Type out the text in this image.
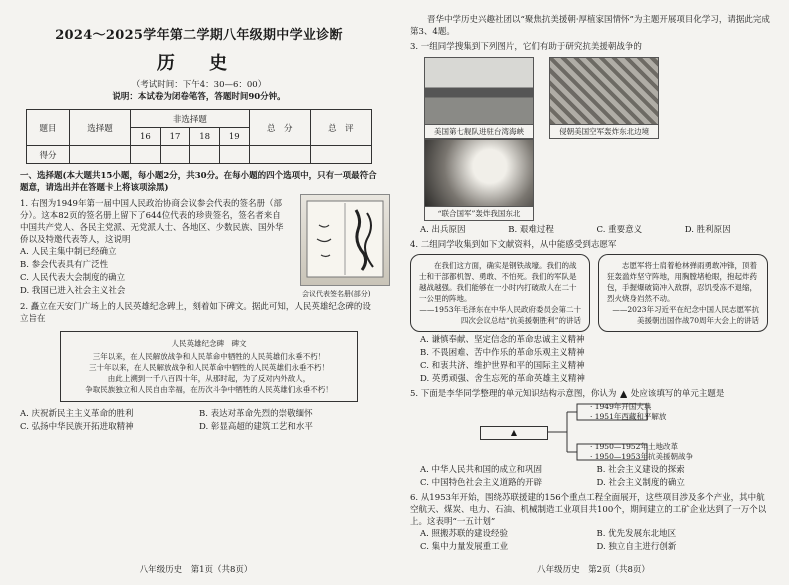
2024～2025学年第二学期八年级期中学业诊断
历 史
（考试时间：下午4：30—6：00）
说明：本试卷为闭卷笔答，答题时间90分钟。
题目	选择题	非选择题				总　分	总　评
		16	17	18	19		
得分							
一、选择题(本大题共15小题，每小题2分，共30分。在每小题的四个选项中，只有一项最符合题意，请选出并在答题卡上将该项涂黑)
1. 右图为1949年第一届中国人民政治协商会议参会代表的签名册（部分）。这本82页的签名册上留下了644位代表的珍贵签名，签名者来自中国共产党人、各民主党派、无党派人士、各地区、少数民族、国外华侨以及特邀代表等人，这说明
会议代表签名册(部分)
A. 人民主集中制已经确立
B. 参会代表具有广泛性
C. 人民代表大会制度的确立
D. 我国已进入社会主义社会
2. 矗立在天安门广场上的人民英雄纪念碑上，刻着如下碑文。据此可知，人民英雄纪念碑的设立旨在
人民英雄纪念碑　碑文
三年以来，在人民解放战争和人民革命中牺牲的人民英雄们永垂不朽！
三十年以来，在人民解放战争和人民革命中牺牲的人民英雄们永垂不朽！
由此上溯到一千八百四十年，从那时起，为了反对内外敌人，
争取民族独立和人民自由幸福，在历次斗争中牺牲的人民英雄们永垂不朽！
A. 庆祝新民主主义革命的胜利	B. 表达对革命先烈的崇敬缅怀
C. 弘扬中华民族开拓进取精神	D. 彰显高超的建筑工艺和水平
八年级历史　第1页（共8页）
晋华中学历史兴趣社团以“聚焦抗美援朝·厚植家国情怀”为主题开展项目化学习，请据此完成第3、4题。
3. 一组同学搜集到下列图片，它们有助于研究抗美援朝战争的
美国第七舰队进驻台湾海峡
	侵朝美国空军轰炸东北边境

“联合国军”轰炸我国东北
A. 出兵原因	B. 艰难过程	C. 重要意义	D. 胜利原因
4. 二组同学收集到如下文献资料，从中能感受到志愿军
在我们这方面，确实是钢铁战壕。我们的战士和干部都机智、勇敢、不怕死。我们的军队是越战越强。我们能够在一小时内打破敌人在二十一公里的阵地。
——1953年毛泽东在中华人民政府委员会第二十四次会议总结“抗美援朝胜利”的讲话
志愿军将士肩着枪林弹雨勇敢冲锋，顶着狂轰滥炸坚守阵地，用胸膛堵枪眼，抱起炸药包，手握爆破筒冲入敌群，忍饥受冻不退缩，烈火烧身岿然不动。
——2023年习近平在纪念中国人民志愿军抗美援朝出国作战70周年大会上的讲话
A. 谦慎奉献、坚定信念的革命忠诚主义精神
B. 不畏困难、苦中作乐的革命乐观主义精神
C. 和衷共济、维护世界和平的国际主义精神
D. 英勇顽强、舍生忘死的革命英雄主义精神
5. 下面是李华同学整理的单元知识结构示意图，你认为 ▲ 处应该填写的单元主题是
▲
· 1949年开国大典
· 1951年西藏和平解放
· 1950—1952年土地改革
· 1950—1953年抗美援朝战争
A. 中华人民共和国的成立和巩固	B. 社会主义建设的探索
C. 中国特色社会主义道路的开辟	D. 社会主义制度的确立
6. 从1953年开始，围绕苏联援建的156个重点工程全面展开，这些项目涉及多个产业，其中航空航天、煤炭、电力、石油、机械制造工业项目共100个，期间建立的工矿企业达到了一万个以上。这表明“一五计划”
A. 照搬苏联的建设经验	B. 优先发展东北地区
C. 集中力量发展重工业	D. 独立自主进行创新
八年级历史　第2页（共8页）
